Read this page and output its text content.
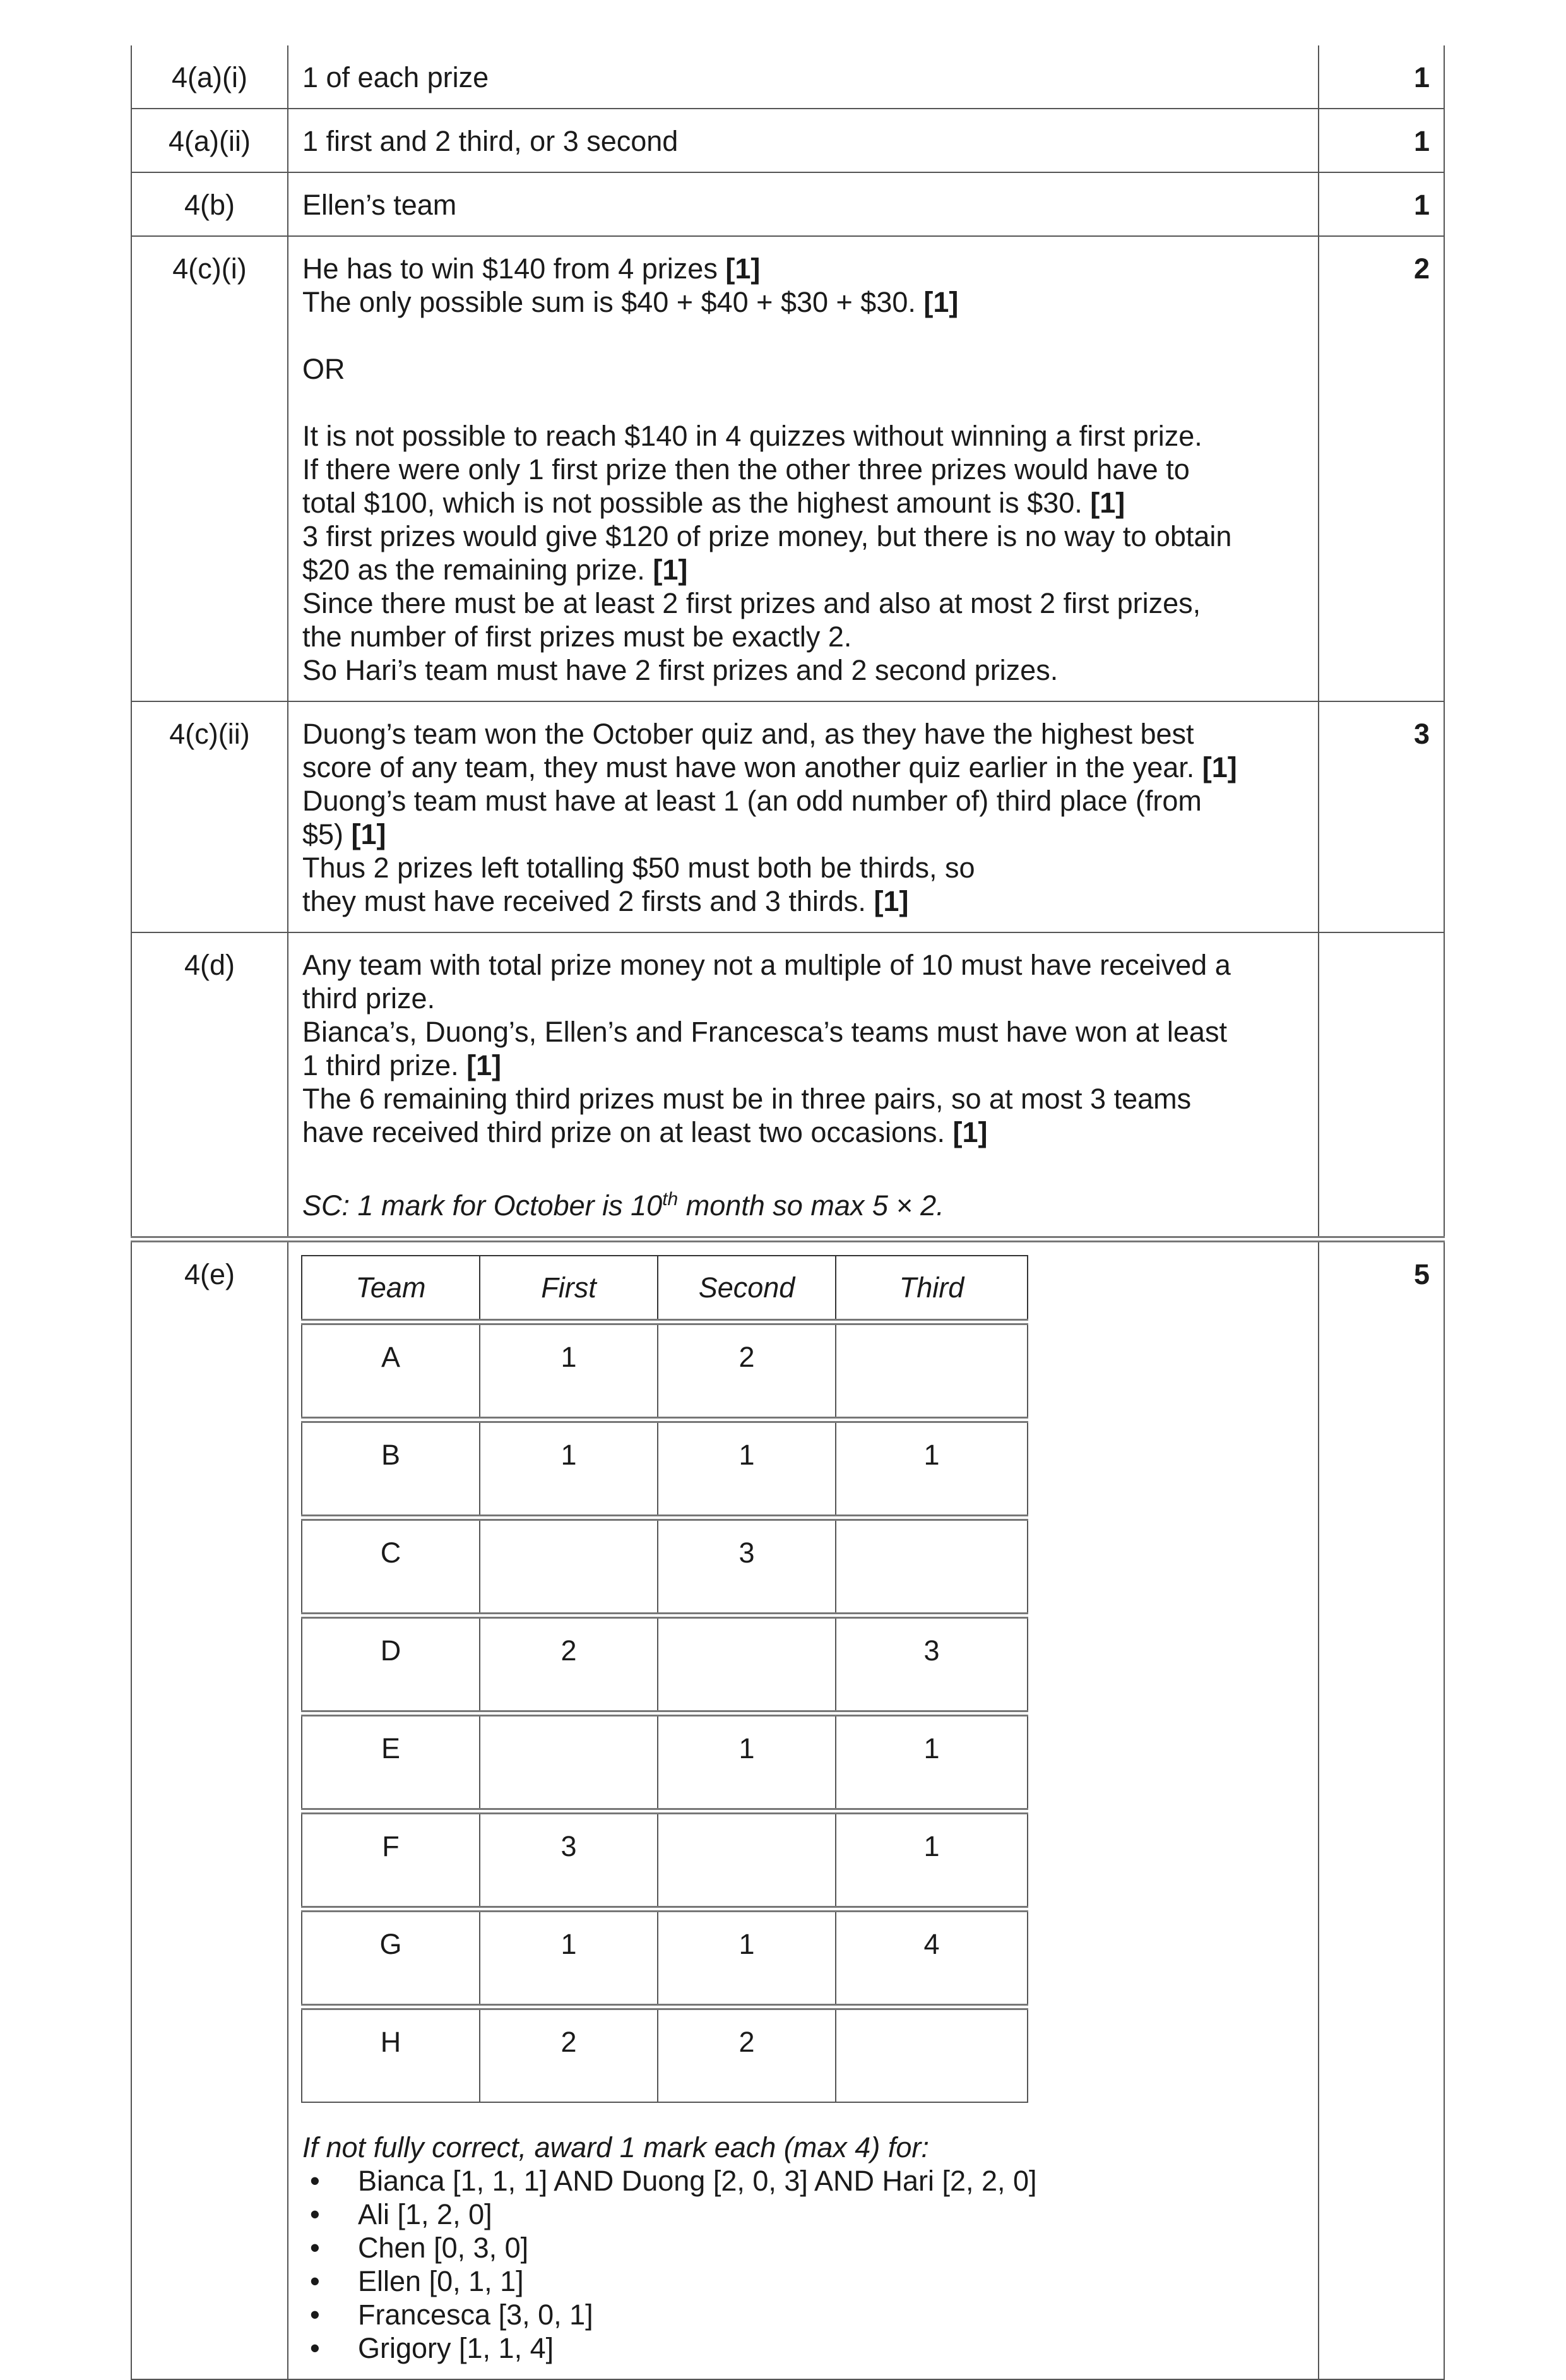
4(a)(i)	1 of each prize	1
4(a)(ii)	1 first and 2 third, or 3 second	1
4(b)	Ellen’s team	1
4(c)(i)	He has to win $140 from 4 prizes [1]
The only possible sum is $40 + $40 + $30 + $30. [1]
OR
It is not possible to reach $140 in 4 quizzes without winning a first prize.
If there were only 1 first prize then the other three prizes would have to
total $100, which is not possible as the highest amount is $30. [1]
3 first prizes would give $120 of prize money, but there is no way to obtain
$20 as the remaining prize. [1]
Since there must be at least 2 first prizes and also at most 2 first prizes,
the number of first prizes must be exactly 2.
So Hari’s team must have 2 first prizes and 2 second prizes.
	2
4(c)(ii)	Duong’s team won the October quiz and, as they have the highest best
score of any team, they must have won another quiz earlier in the year. [1]
Duong’s team must have at least 1 (an odd number of) third place (from
$5) [1]
Thus 2 prizes left totalling $50 must both be thirds, so
they must have received 2 firsts and 3 thirds. [1]
	3
4(d)	Any team with total prize money not a multiple of 10 must have received a
third prize.
Bianca’s, Duong’s, Ellen’s and Francesca’s teams must have won at least
1 third prize. [1]
The 6 remaining third prizes must be in three pairs, so at most 3 teams
have received third prize on at least two occasions. [1]
SC: 1 mark for October is 10th month so max 5 × 2.

4(e)		Team	First	Second	Third
A	1	2	
B	1	1	1
C		3	
D	2		3
E		1	1
F	3		1
G	1	1	4
H	2	2	
If not fully correct, award 1 mark each (max 4) for:
• Bianca [1, 1, 1] AND Duong [2, 0, 3] AND Hari [2, 2, 0]
• Ali [1, 2, 0]
• Chen [0, 3, 0]
• Ellen [0, 1, 1]
• Francesca [3, 0, 1]
• Grigory [1, 1, 4]
	5
